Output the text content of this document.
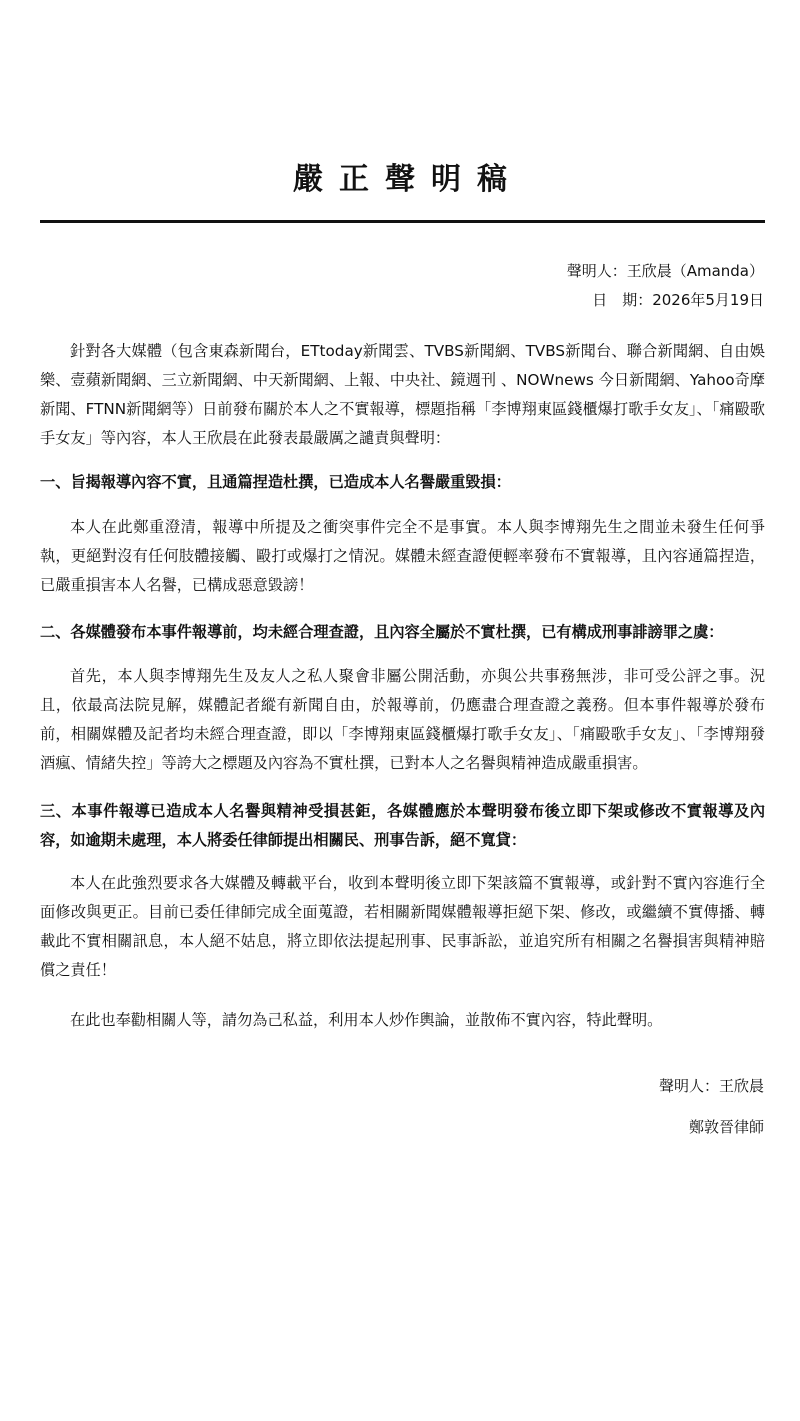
嚴正聲明稿
聲明人：王欣晨（Amanda）
日　期：2026年5月19日
針對各大媒體（包含東森新聞台，ETtoday新聞雲、TVBS新聞網、TVBS新聞台、聯合新聞網、自由娛樂、壹蘋新聞網、三立新聞網、中天新聞網、上報、中央社、鏡週刊 、NOWnews 今日新聞網、Yahoo奇摩新聞、FTNN新聞網等）日前發布關於本人之不實報導，標題指稱「李博翔東區錢櫃爆打歌手女友」、「痛毆歌手女友」等內容，本人王欣晨在此發表最嚴厲之譴責與聲明：
一、旨揭報導內容不實，且通篇捏造杜撰，已造成本人名譽嚴重毀損：
本人在此鄭重澄清，報導中所提及之衝突事件完全不是事實。本人與李博翔先生之間並未發生任何爭執，更絕對沒有任何肢體接觸、毆打或爆打之情況。媒體未經查證便輕率發布不實報導，且內容通篇捏造，已嚴重損害本人名譽，已構成惡意毀謗！
二、各媒體發布本事件報導前，均未經合理查證，且內容全屬於不實杜撰，已有構成刑事誹謗罪之虞：
首先，本人與李博翔先生及友人之私人聚會非屬公開活動，亦與公共事務無涉，非可受公評之事。況且，依最高法院見解，媒體記者縱有新聞自由，於報導前，仍應盡合理查證之義務。但本事件報導於發布前，相關媒體及記者均未經合理查證，即以「李博翔東區錢櫃爆打歌手女友」、「痛毆歌手女友」、「李博翔發酒瘋、情緒失控」等誇大之標題及內容為不實杜撰，已對本人之名譽與精神造成嚴重損害。
三、本事件報導已造成本人名譽與精神受損甚鉅，各媒體應於本聲明發布後立即下架或修改不實報導及內容，如逾期未處理，本人將委任律師提出相關民、刑事告訴，絕不寬貸：
本人在此強烈要求各大媒體及轉載平台，收到本聲明後立即下架該篇不實報導，或針對不實內容進行全面修改與更正。目前已委任律師完成全面蒐證，若相關新聞媒體報導拒絕下架、修改，或繼續不實傳播、轉載此不實相關訊息，本人絕不姑息，將立即依法提起刑事、民事訴訟，並追究所有相關之名譽損害與精神賠償之責任！
在此也奉勸相關人等，請勿為己私益，利用本人炒作輿論，並散佈不實內容，特此聲明。
聲明人：王欣晨
鄭敦晉律師
